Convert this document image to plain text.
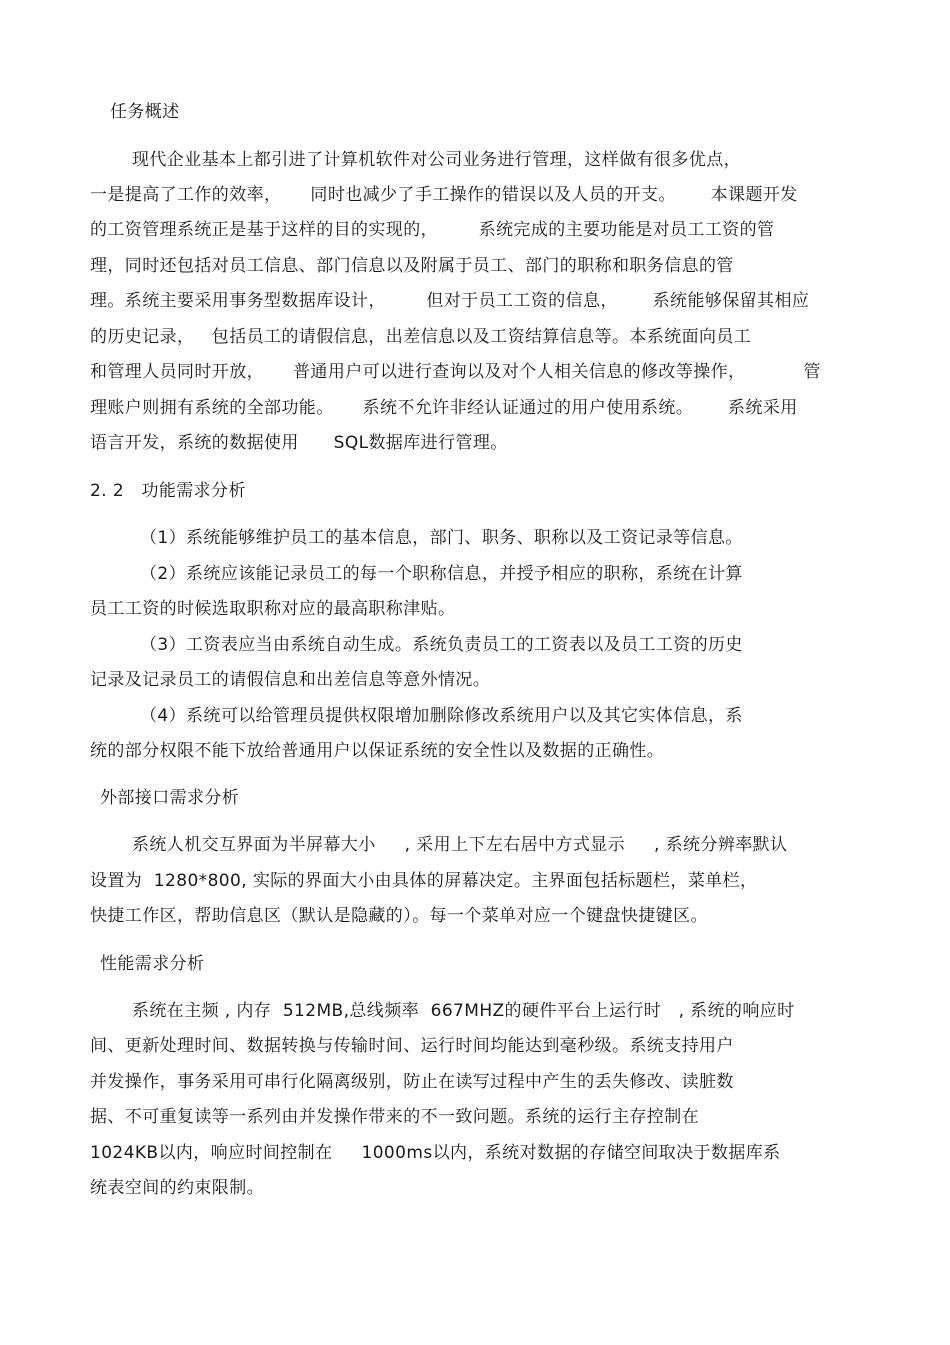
任务概述
现代企业基本上都引进了计算机软件对公司业务进行管理，这样做有很多优点，
一是提高了工作的效率，     同时也减少了手工操作的错误以及人员的开支。      本课题开发
的工资管理系统正是基于这样的目的实现的，       系统完成的主要功能是对员工工资的管
理，同时还包括对员工信息、部门信息以及附属于员工、部门的职称和职务信息的管
理。系统主要采用事务型数据库设计，       但对于员工工资的信息，      系统能够保留其相应
的历史记录，   包括员工的请假信息，出差信息以及工资结算信息等。本系统面向员工
和管理人员同时开放，     普通用户可以进行查询以及对个人相关信息的修改等操作，          管
理账户则拥有系统的全部功能。     系统不允许非经认证通过的用户使用系统。      系统采用
语言开发，系统的数据使用      SQL数据库进行管理。
2. 2   功能需求分析
（1）系统能够维护员工的基本信息，部门、职务、职称以及工资记录等信息。
（2）系统应该能记录员工的每一个职称信息，并授予相应的职称，系统在计算
员工工资的时候选取职称对应的最高职称津贴。
（3）工资表应当由系统自动生成。系统负责员工的工资表以及员工工资的历史
记录及记录员工的请假信息和出差信息等意外情况。
（4）系统可以给管理员提供权限增加删除修改系统用户以及其它实体信息，系
统的部分权限不能下放给普通用户以保证系统的安全性以及数据的正确性。
外部接口需求分析
系统人机交互界面为半屏幕大小     , 采用上下左右居中方式显示     , 系统分辨率默认
设置为  1280*800, 实际的界面大小由具体的屏幕决定。主界面包括标题栏，菜单栏，
快捷工作区，帮助信息区（默认是隐藏的）。每一个菜单对应一个键盘快捷键区。
性能需求分析
系统在主频 , 内存  512MB,总线频率  667MHZ的硬件平台上运行时   , 系统的响应时
间、更新处理时间、数据转换与传输时间、运行时间均能达到毫秒级。系统支持用户
并发操作，事务采用可串行化隔离级别，防止在读写过程中产生的丢失修改、读脏数
据、不可重复读等一系列由并发操作带来的不一致问题。系统的运行主存控制在
1024KB以内，响应时间控制在     1000ms以内，系统对数据的存储空间取决于数据库系
统表空间的约束限制。
